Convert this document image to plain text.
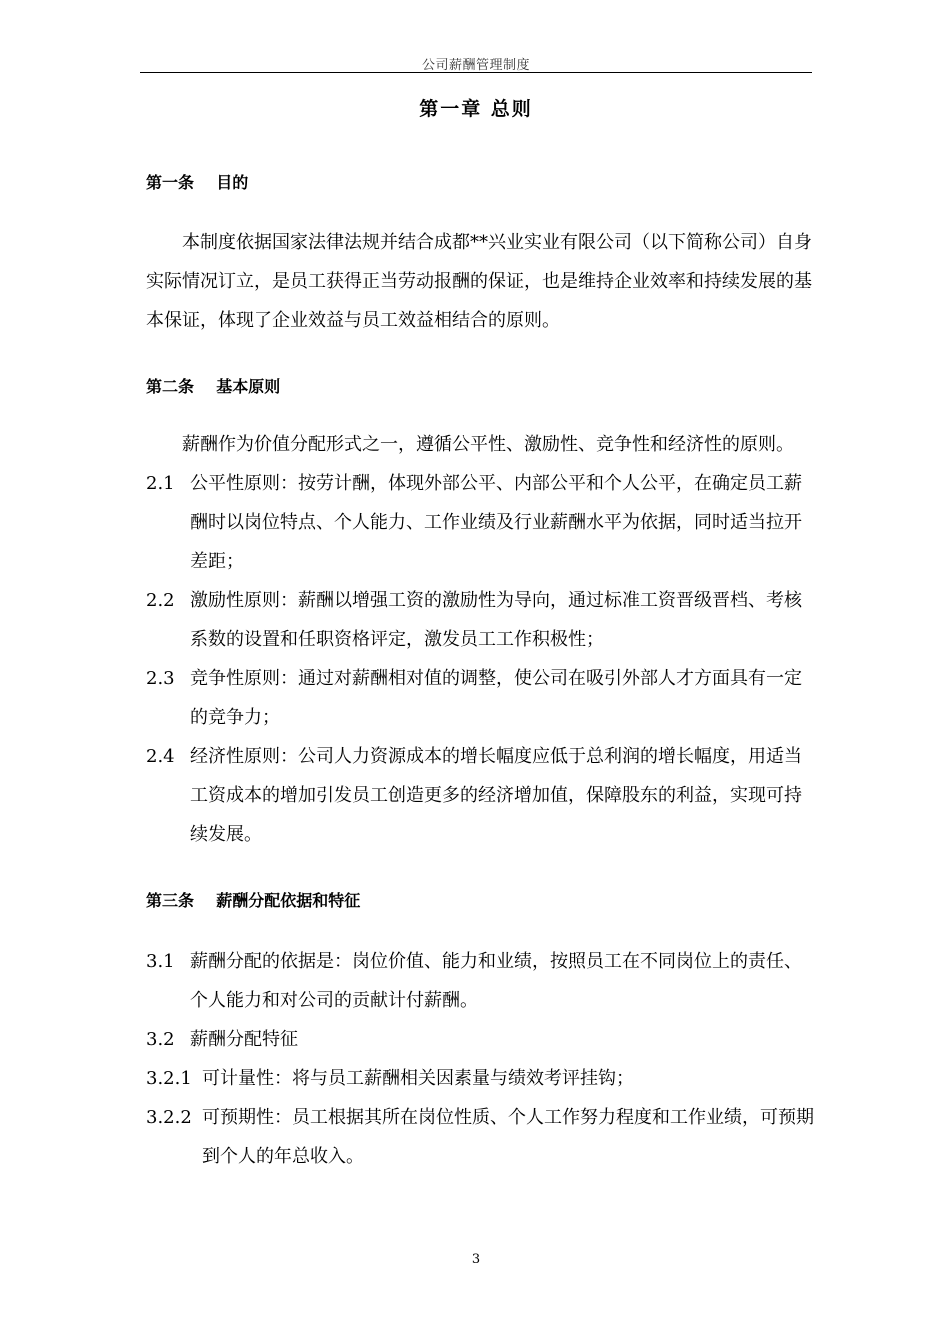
公司薪酬管理制度
第一章 总则
第一条    目的

本制度依据国家法律法规并结合成都**兴业实业有限公司（以下简称公司）自身实际情况订立，是员工获得正当劳动报酬的保证，也是维持企业效率和持续发展的基本保证，体现了企业效益与员工效益相结合的原则。

第二条    基本原则

薪酬作为价值分配形式之一，遵循公平性、激励性、竞争性和经济性的原则。

2.1 公平性原则：按劳计酬，体现外部公平、内部公平和个人公平，在确定员工薪酬时以岗位特点、个人能力、工作业绩及行业薪酬水平为依据，同时适当拉开差距；
2.2 激励性原则：薪酬以增强工资的激励性为导向，通过标准工资晋级晋档、考核系数的设置和任职资格评定，激发员工工作积极性；
2.3 竞争性原则：通过对薪酬相对值的调整，使公司在吸引外部人才方面具有一定的竞争力；
2.4 经济性原则：公司人力资源成本的增长幅度应低于总利润的增长幅度，用适当工资成本的增加引发员工创造更多的经济增加值，保障股东的利益，实现可持续发展。
第三条    薪酬分配依据和特征
3.1 薪酬分配的依据是：岗位价值、能力和业绩，按照员工在不同岗位上的责任、个人能力和对公司的贡献计付薪酬。
3.2 薪酬分配特征
3.2.1 可计量性：将与员工薪酬相关因素量与绩效考评挂钩；
3.2.2 可预期性：员工根据其所在岗位性质、个人工作努力程度和工作业绩，可预期到个人的年总收入。
3
